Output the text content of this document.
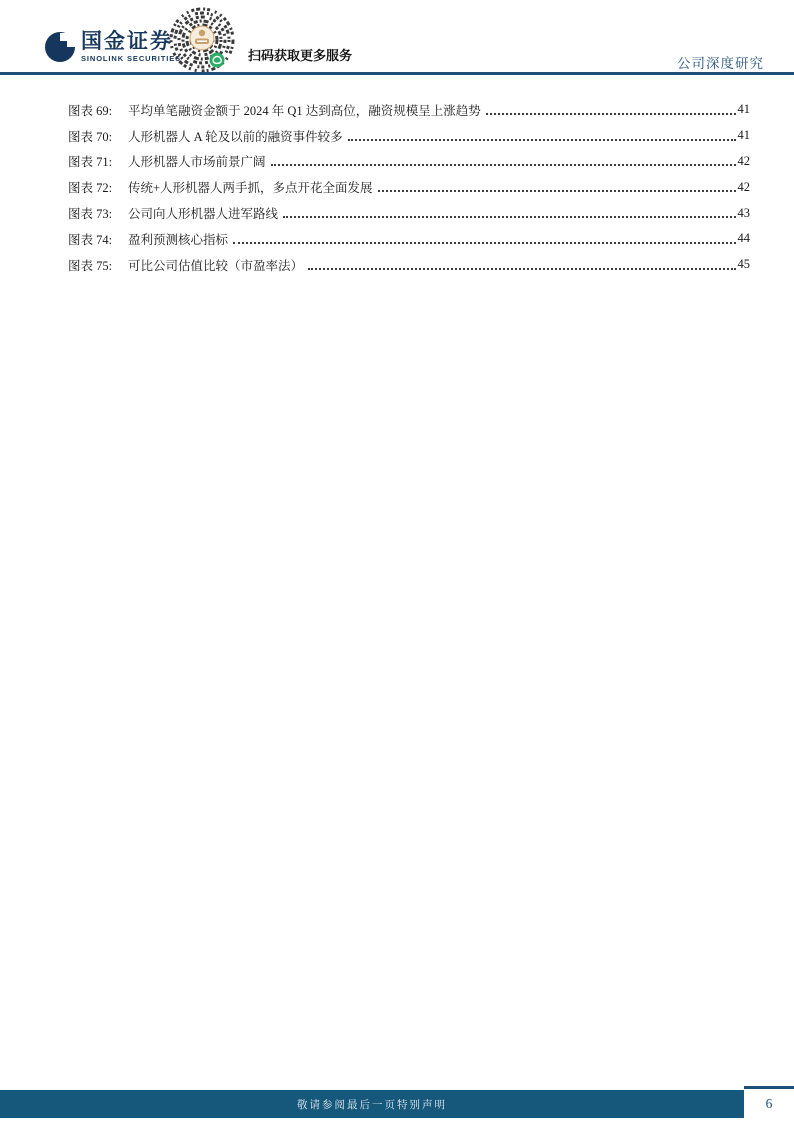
国金证券
SINOLINK SECURITIES	扫码获取更多服务
公司深度研究
图表 69:	平均单笔融资金额于 2024 年 Q1 达到高位，融资规模呈上涨趋势	41
图表 70:	人形机器人 A 轮及以前的融资事件较多	41
图表 71:	人形机器人市场前景广阔	42
图表 72:	传统+人形机器人两手抓，多点开花全面发展	42
图表 73:	公司向人形机器人进军路线	43
图表 74:	盈利预测核心指标	44
图表 75:	可比公司估值比较（市盈率法）	45
敬请参阅最后一页特别声明	6
